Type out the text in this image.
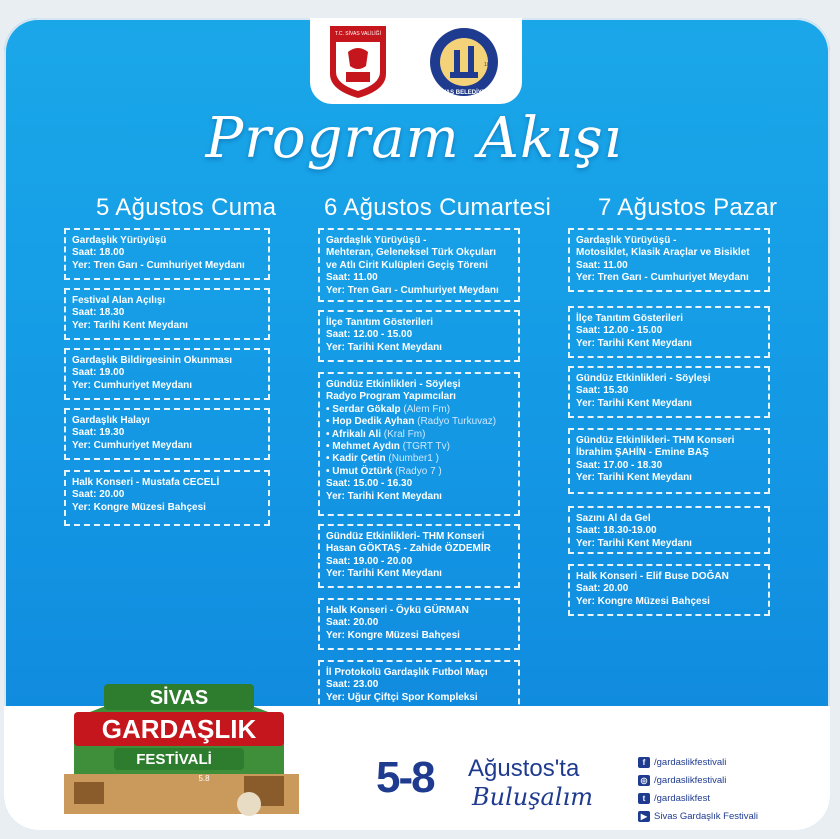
T.C. SİVAS VALİLİĞİ
1882
SİVAS BELEDİYESİ
Program Akışı
5 Ağustos Cuma
Gardaşlık Yürüyüşü
Saat: 18.00
Yer: Tren Garı - Cumhuriyet Meydanı
Festival Alan Açılışı
Saat: 18.30
Yer: Tarihi Kent Meydanı
Gardaşlık Bildirgesinin Okunması
Saat: 19.00
Yer: Cumhuriyet Meydanı
Gardaşlık Halayı
Saat: 19.30
Yer: Cumhuriyet Meydanı
Halk Konseri - Mustafa CECELİ
Saat: 20.00
Yer: Kongre Müzesi Bahçesi
6 Ağustos Cumartesi
Gardaşlık Yürüyüşü -
Mehteran, Geleneksel Türk Okçuları
ve Atlı Cirit Kulüpleri Geçiş Töreni
Saat: 11.00
Yer: Tren Garı - Cumhuriyet Meydanı
İlçe Tanıtım Gösterileri
Saat: 12.00 - 15.00
Yer: Tarihi Kent Meydanı
Gündüz Etkinlikleri - Söyleşi
Radyo Program Yapımcıları
• Serdar Gökalp (Alem Fm)
• Hop Dedik Ayhan (Radyo Turkuvaz)
• Afrikalı Ali (Kral Fm)
• Mehmet Aydın (TGRT Tv)
• Kadir Çetin (Number1 )
• Umut Öztürk (Radyo 7 )
Saat: 15.00 - 16.30
Yer: Tarihi Kent Meydanı
Gündüz Etkinlikleri- THM Konseri
Hasan GÖKTAŞ - Zahide ÖZDEMİR
Saat: 19.00 - 20.00
Yer: Tarihi Kent Meydanı
Halk Konseri - Öykü GÜRMAN
Saat: 20.00
Yer: Kongre Müzesi Bahçesi
İl Protokolü Gardaşlık Futbol Maçı
Saat: 23.00
Yer: Uğur Çiftçi Spor Kompleksi
7 Ağustos Pazar
Gardaşlık Yürüyüşü -
Motosiklet, Klasik Araçlar ve Bisiklet
Saat: 11.00
Yer: Tren Garı - Cumhuriyet Meydanı
İlçe Tanıtım Gösterileri
Saat: 12.00 - 15.00
Yer: Tarihi Kent Meydanı
Gündüz Etkinlikleri - Söyleşi
Saat: 15.30
Yer: Tarihi Kent Meydanı
Gündüz Etkinlikleri- THM Konseri
İbrahim ŞAHİN - Emine BAŞ
Saat: 17.00 - 18.30
Yer: Tarihi Kent Meydanı
Sazını Al da Gel
Saat: 18.30-19.00
Yer: Tarihi Kent Meydanı
Halk Konseri - Elif Buse DOĞAN
Saat: 20.00
Yer: Kongre Müzesi Bahçesi
SİVAS
GARDAŞLIK
FESTİVALİ
5.8	5-8 Ağustos'ta
Buluşalım
f /gardaslikfestivali
◎ /gardaslikfestivali
t /gardaslikfest
▶ Sivas Gardaşlık Festivali
